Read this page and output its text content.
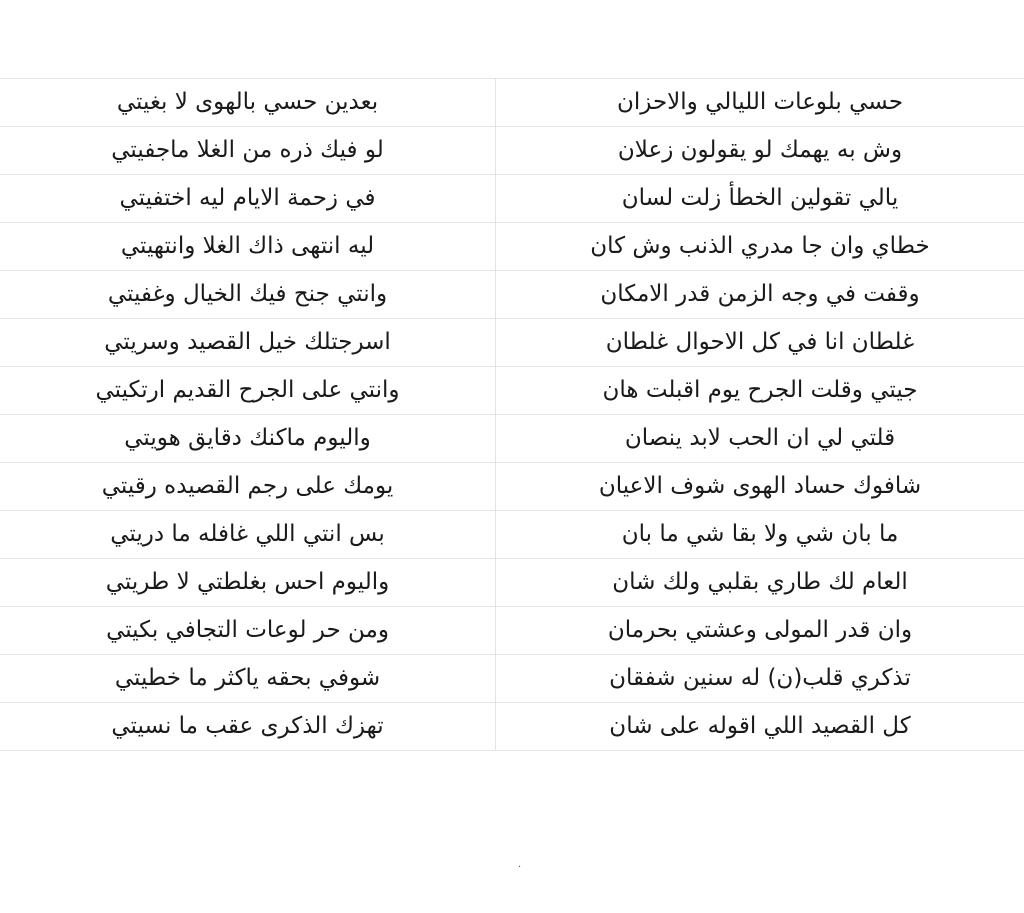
بعدين حسي بالهوى لا بغيتي	حسي بلوعات الليالي والاحزان
لو فيك ذره من الغلا ماجفيتي	وش به يهمك لو يقولون زعلان
في زحمة الايام ليه اختفيتي	يالي تقولين الخطأ زلت لسان
ليه انتهى ذاك الغلا وانتهيتي	خطاي وان جا مدري الذنب وش كان
وانتي جنح فيك الخيال وغفيتي	وقفت في وجه الزمن قدر الامكان
اسرجتلك خيل القصيد وسريتي	غلطان انا في كل الاحوال غلطان
وانتي على الجرح القديم ارتكيتي	جيتي وقلت الجرح يوم اقبلت هان
واليوم ماكنك دقايق هويتي	قلتي لي ان الحب لابد ينصان
يومك على رجم القصيده رقيتي	شافوك حساد الهوى شوف الاعيان
بس انتي اللي غافله ما دريتي	ما بان شي ولا بقا شي ما بان
واليوم احس بغلطتي لا طريتي	العام لك طاري بقلبي ولك شان
ومن حر لوعات التجافي بكيتي	وان قدر المولى وعشتي بحرمان
شوفي بحقه ياكثر ما خطيتي	تذكري قلب(ن) له سنين شفقان
تهزك الذكرى عقب ما نسيتي	كل القصيد اللي اقوله على شان
.
